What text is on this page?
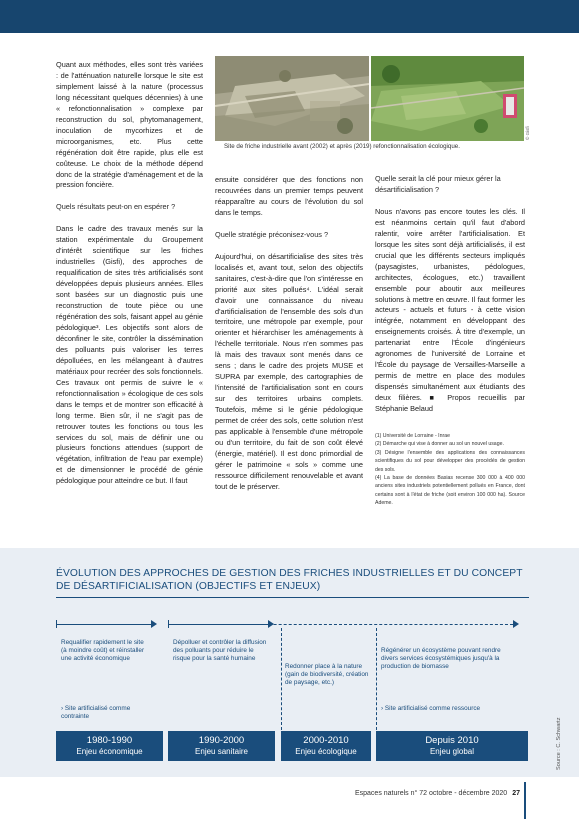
Quant aux méthodes, elles sont très variées : de l'atténuation naturelle lorsque le site est simplement laissé à la nature (processus long nécessitant quelques décennies) à une « refonctionnalisation » complexe par reconstruction du sol, phytomanagement, inoculation de mycorhizes et de microorganismes, etc. Plus cette régénération doit être rapide, plus elle est coûteuse. Le choix de la méthode dépend donc de la stratégie d'aménagement et de la pression foncière.

Quels résultats peut-on en espérer ?

Dans le cadre des travaux menés sur la station expérimentale du Groupement d'intérêt scientifique sur les friches industrielles (Gisfi), des approches de requalification de sites très artificialisés sont développées depuis plusieurs années. Elles sont basées sur un diagnostic puis une reconstruction de toute pièce ou une régénération des sols, faisant appel au génie pédologique³. Les objectifs sont alors de déconfiner le site, contrôler la dissémination des polluants puis valoriser les terres dépolluées, en les mélangeant à d'autres matériaux pour recréer des sols fonctionnels. Ces travaux ont permis de suivre le « refonctionnalisation » écologique de ces sols dans le temps et de montrer son efficacité à long terme. Bien sûr, il ne s'agit pas de retrouver toutes les fonctions ou tous les services du sol, mais de définir une ou plusieurs fonctions attendues (support de végétation, infiltration de l'eau par exemple) et de dimensionner le procédé de génie pédologique pour atteindre ce but. Il faut

Site de friche industrielle avant (2002) et après (2019) refonctionnalisation écologique.
© Gisfi

ensuite considérer que des fonctions non recouvrées dans un premier temps peuvent réapparaître au cours de l'évolution du sol dans le temps.

Quelle stratégie préconisez-vous ?

Aujourd'hui, on désartificialise des sites très localisés et, avant tout, selon des objectifs sanitaires, c'est-à-dire que l'on s'intéresse en priorité aux sites pollués⁴. L'idéal serait d'avoir une connaissance du niveau d'artificialisation de l'ensemble des sols d'un territoire, une métropole par exemple, pour orienter et hiérarchiser les aménagements à l'échelle territoriale. Nous n'en sommes pas là mais des travaux sont menés dans ce sens ; dans le cadre des projets MUSE et SUPRA par exemple, des cartographies de l'intensité de l'artificialisation sont en cours sur des territoires urbains complets. Toutefois, même si le génie pédologique permet de créer des sols, cette solution n'est pas applicable à l'ensemble d'une métropole ou d'un territoire, du fait de son coût élevé (énergie, matériel). Il est donc primordial de gérer le patrimoine « sols » comme une ressource difficilement renouvelable et avant tout de le préserver.

Quelle serait la clé pour mieux gérer la désartificialisation ?

Nous n'avons pas encore toutes les clés. Il est néanmoins certain qu'il faut d'abord ralentir, voire arrêter l'artificialisation. Et lorsque les sites sont déjà artificialisés, il est crucial que les différents secteurs impliqués (paysagistes, urbanistes, pédologues, architectes, écologues, etc.) travaillent ensemble pour aboutir aux meilleures solutions à mettre en œuvre. Il faut former les acteurs - actuels et futurs - à cette vision intégrée, notamment en développant des enseignements croisés. À titre d'exemple, un partenariat entre l'École d'ingénieurs agronomes de l'université de Lorraine et l'École du paysage de Versailles-Marseille a permis de mettre en place des modules dispensés simultanément aux étudiants des deux filières. ■ Propos recueillis par Stéphanie Belaud

(1) Université de Lorraine - Inrae

(2) Démarche qui vise à donner au sol un nouvel usage.

(3) Désigne l'ensemble des applications des connaissances scientifiques du sol pour développer des procédés de gestion des sols.

(4) La base de données Basias recense 300 000 à 400 000 anciens sites industriels potentiellement pollués en France, dont certains sont à l'état de friche (soit environ 100 000 ha). Source Ademe.

ÉVOLUTION DES APPROCHES DE GESTION DES FRICHES INDUSTRIELLES ET DU CONCEPT DE DÉSARTIFICIALISATION (OBJECTIFS ET ENJEUX)
Requalifier rapidement le site (à moindre coût) et réinstaller une activité économique
› Site artificialisé comme contrainte
Dépolluer et contrôler la diffusion des polluants pour réduire le risque pour la santé humaine
Redonner place à la nature (gain de biodiversité, création de paysage, etc.)
Régénérer un écosystème pouvant rendre divers services écosystémiques jusqu'à la production de biomasse
› Site artificialisé comme ressource
1980-1990
Enjeu économique
1990-2000
Enjeu sanitaire
2000-2010
Enjeu écologique
Depuis 2010
Enjeu global	Source : C. Schwartz
Espaces naturels n° 72 octobre - décembre 2020 27
